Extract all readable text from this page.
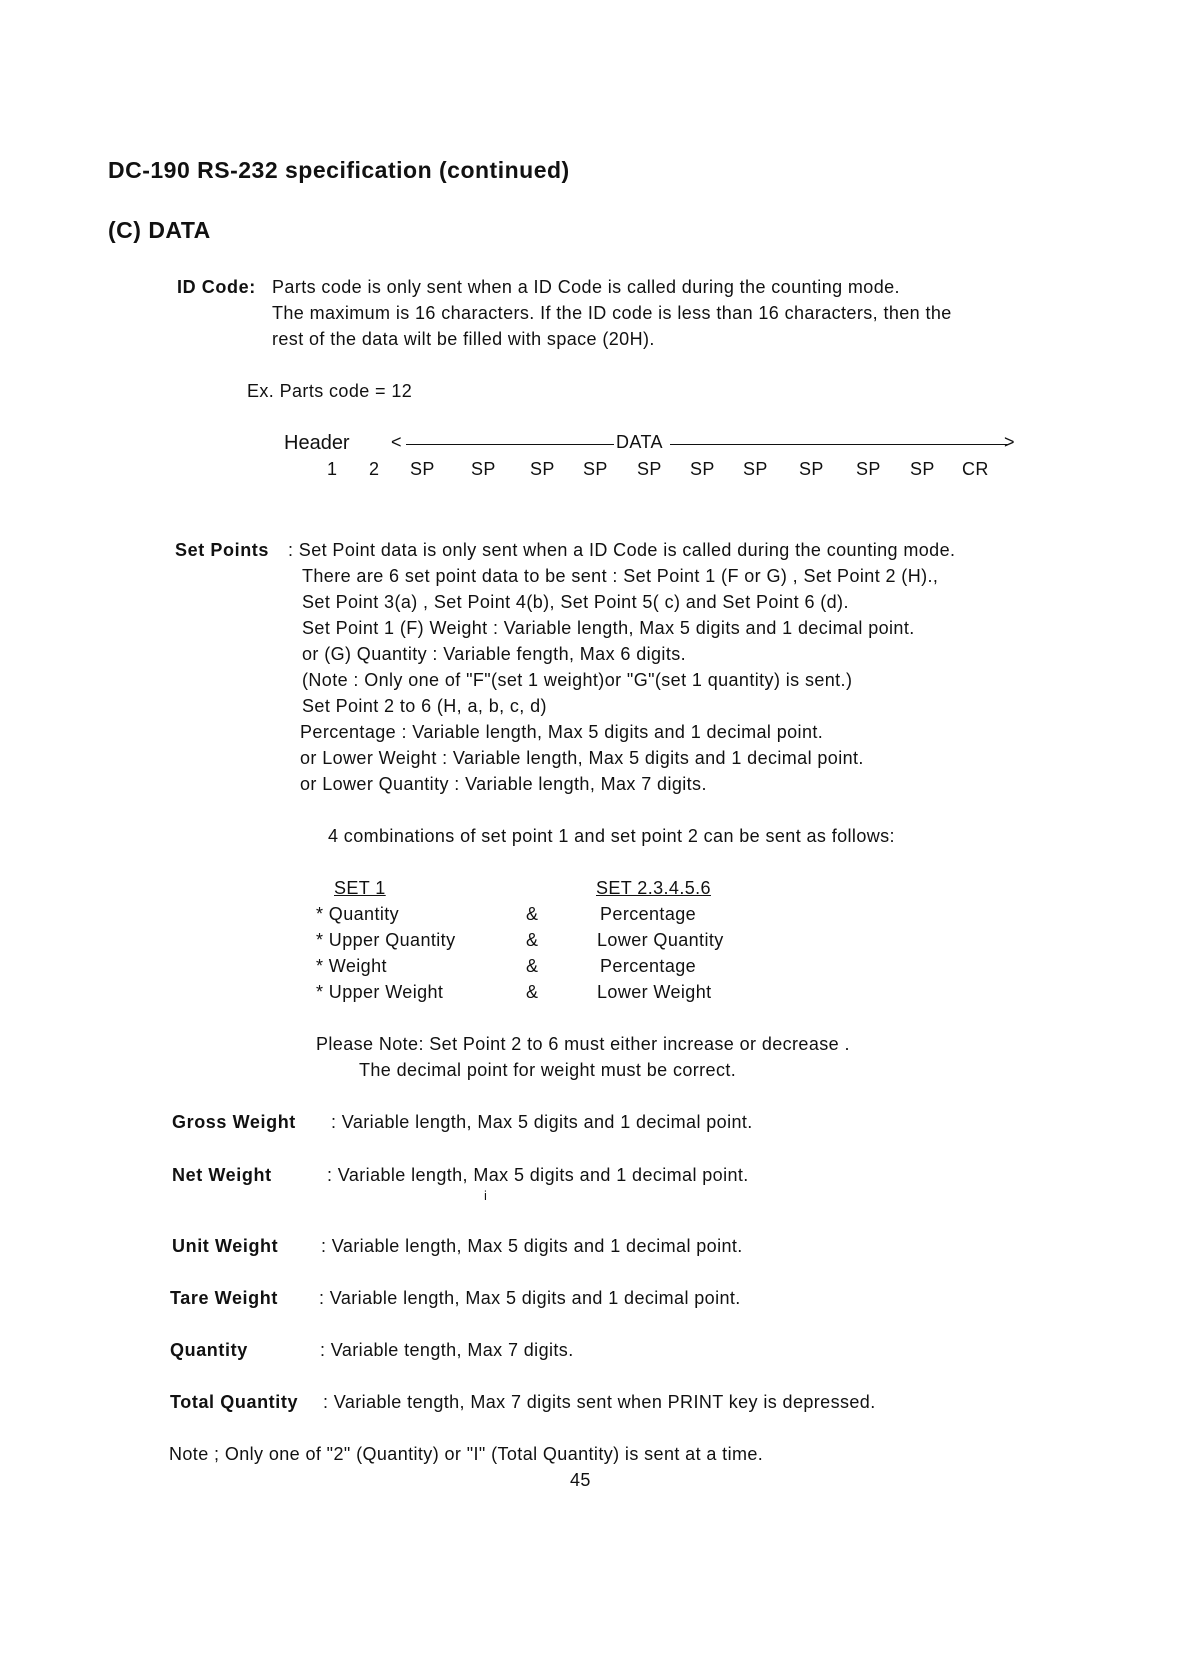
DC-190 RS-232 specification (continued)
(C) DATA
ID Code: Parts code is only sent when a ID Code is called during the counting mode.
The maximum is 16 characters. If the ID code is less than 16 characters, then the
rest of the data wilt be filled with space (20H).
Ex. Parts code = 12
Header <	DATA	>
1 2 SP SP SP SP SP SP SP SP SP SP CR
Set Points : Set Point data is only sent when a ID Code is called during the counting mode.
There are 6 set point data to be sent : Set Point 1 (F or G) , Set Point 2 (H).,
Set Point 3(a) , Set Point 4(b), Set Point 5( c) and Set Point 6 (d).
Set Point 1 (F) Weight : Variable length, Max 5 digits and 1 decimal point.
or (G) Quantity : Variable fength, Max 6 digits.
(Note : Only one of "F"(set 1 weight)or "G"(set 1 quantity) is sent.)
Set Point 2 to 6 (H, a, b, c, d)
Percentage : Variable length, Max 5 digits and 1 decimal point.
or Lower Weight : Variable length, Max 5 digits and 1 decimal point.
or Lower Quantity : Variable length, Max 7 digits.
4 combinations of set point 1 and set point 2 can be sent as follows:
SET 1	SET 2.3.4.5.6
* Quantity	&	Percentage
* Upper Quantity	&	Lower Quantity
* Weight	&	Percentage
* Upper Weight	&	Lower Weight
Please Note: Set Point 2 to 6 must either increase or decrease .
The decimal point for weight must be correct.
Gross Weight : Variable length, Max 5 digits and 1 decimal point.
Net Weight	: Variable length, Max 5 digits and 1 decimal point.
i
Unit Weight : Variable length, Max 5 digits and 1 decimal point.
Tare Weight : Variable length, Max 5 digits and 1 decimal point.
Quantity	: Variable tength, Max 7 digits.
Total Quantity : Variable tength, Max 7 digits sent when PRINT key is depressed.
Note ; Only one of "2" (Quantity) or "I" (Total Quantity) is sent at a time.
45
